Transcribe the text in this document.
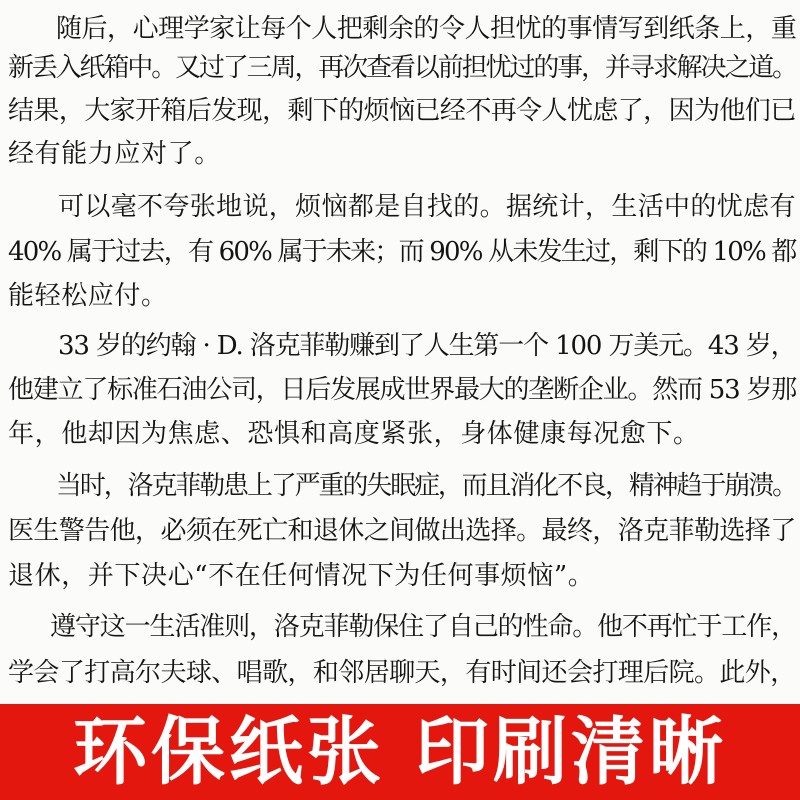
随后，心理学家让每个人把剩余的令人担忧的事情写到纸条上，重
新丢入纸箱中。又过了三周，再次查看以前担忧过的事，并寻求解决之道。
结果，大家开箱后发现，剩下的烦恼已经不再令人忧虑了，因为他们已
经有能力应对了。
可以毫不夸张地说，烦恼都是自找的。据统计，生活中的忧虑有
40% 属于过去，有 60% 属于未来；而 90% 从未发生过，剩下的 10% 都
能轻松应付。
33 岁的约翰 · D. 洛克菲勒赚到了人生第一个 100 万美元。43 岁，
他建立了标准石油公司，日后发展成世界最大的垄断企业。然而 53 岁那
年，他却因为焦虑、恐惧和高度紧张，身体健康每况愈下。
当时，洛克菲勒患上了严重的失眠症，而且消化不良，精神趋于崩溃。
医生警告他，必须在死亡和退休之间做出选择。最终，洛克菲勒选择了
退休，并下决心“不在任何情况下为任何事烦恼”。
遵守这一生活准则，洛克菲勒保住了自己的性命。他不再忙于工作，
学会了打高尔夫球、唱歌，和邻居聊天，有时间还会打理后院。此外，
环保纸张 印刷清晰
